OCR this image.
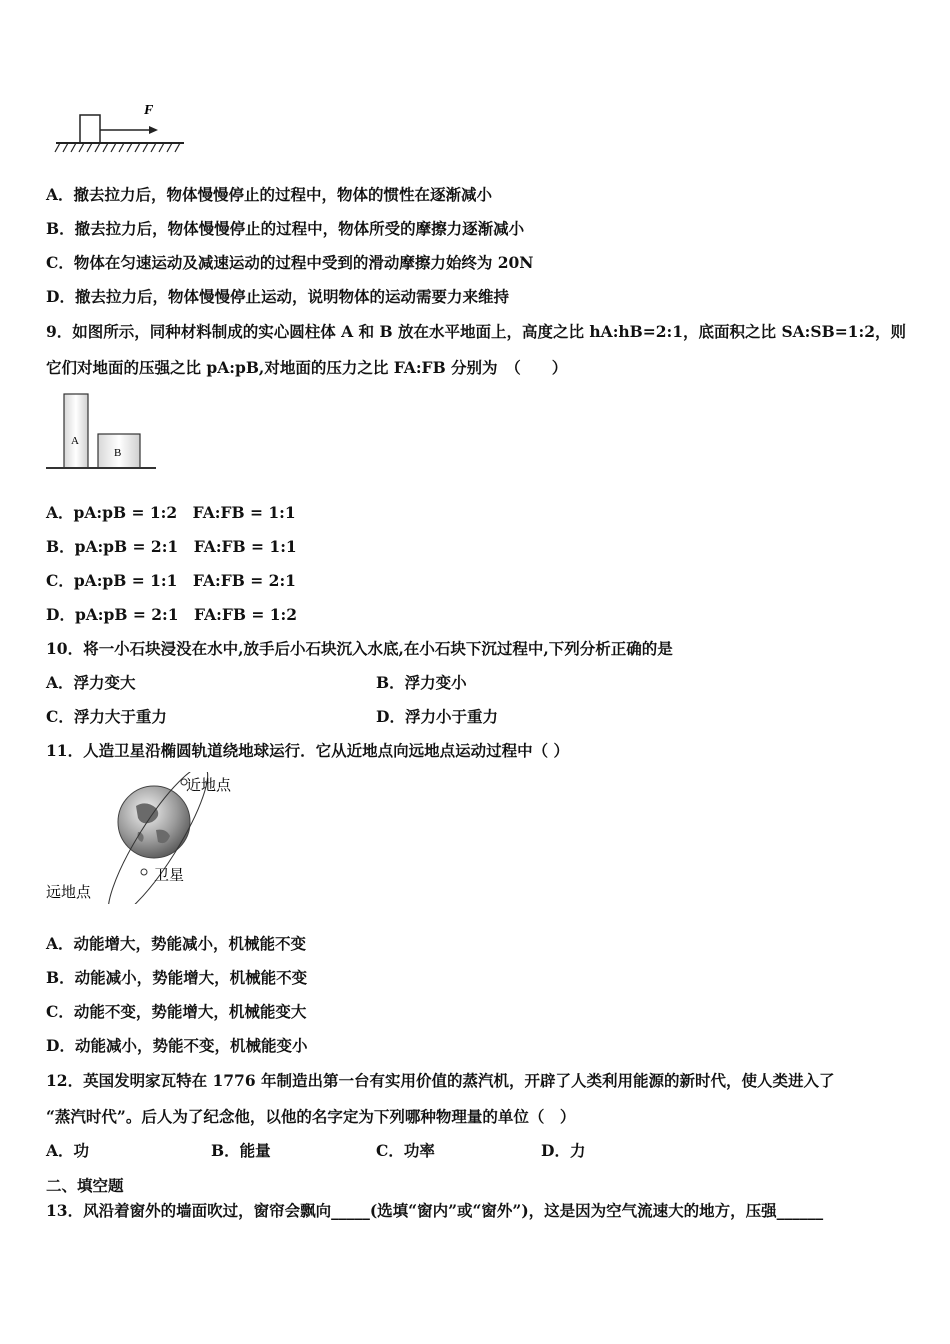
F
A．撤去拉力后，物体慢慢停止的过程中，物体的惯性在逐渐减小
B．撤去拉力后，物体慢慢停止的过程中，物体所受的摩擦力逐渐减小
C．物体在匀速运动及减速运动的过程中受到的滑动摩擦力始终为 20N
D．撤去拉力后，物体慢慢停止运动，说明物体的运动需要力来维持
9．如图所示，同种材料制成的实心圆柱体 A 和 B 放在水平地面上，高度之比 hA:hB=2:1，底面积之比 SA:SB=1:2，则
它们对地面的压强之比 pA:pB,对地面的压力之比 FA:FB 分别为　（　　）
A
B
A．pA:pB = 1:2　FA:FB = 1:1
B．pA:pB = 2:1　FA:FB = 1:1
C．pA:pB = 1:1　FA:FB = 2:1
D．pA:pB = 2:1　FA:FB = 1:2
10．将一小石块浸没在水中,放手后小石块沉入水底,在小石块下沉过程中,下列分析正确的是
A．浮力变大	B．浮力变小
C．浮力大于重力	D．浮力小于重力
11．人造卫星沿椭圆轨道绕地球运行．它从近地点向远地点运动过程中（ ）
近地点
卫星
远地点
A．动能增大，势能减小，机械能不变
B．动能减小，势能增大，机械能不变
C．动能不变，势能增大，机械能变大
D．动能减小，势能不变，机械能变小
12．英国发明家瓦特在 1776 年制造出第一台有实用价值的蒸汽机，开辟了人类利用能源的新时代，使人类进入了
“蒸汽时代”。后人为了纪念他，以他的名字定为下列哪种物理量的单位（　）
A．功	B．能量	C．功率	D．力
二、填空题
13．风沿着窗外的墙面吹过，窗帘会飘向_____(选填“窗内”或“窗外”)，这是因为空气流速大的地方，压强______
